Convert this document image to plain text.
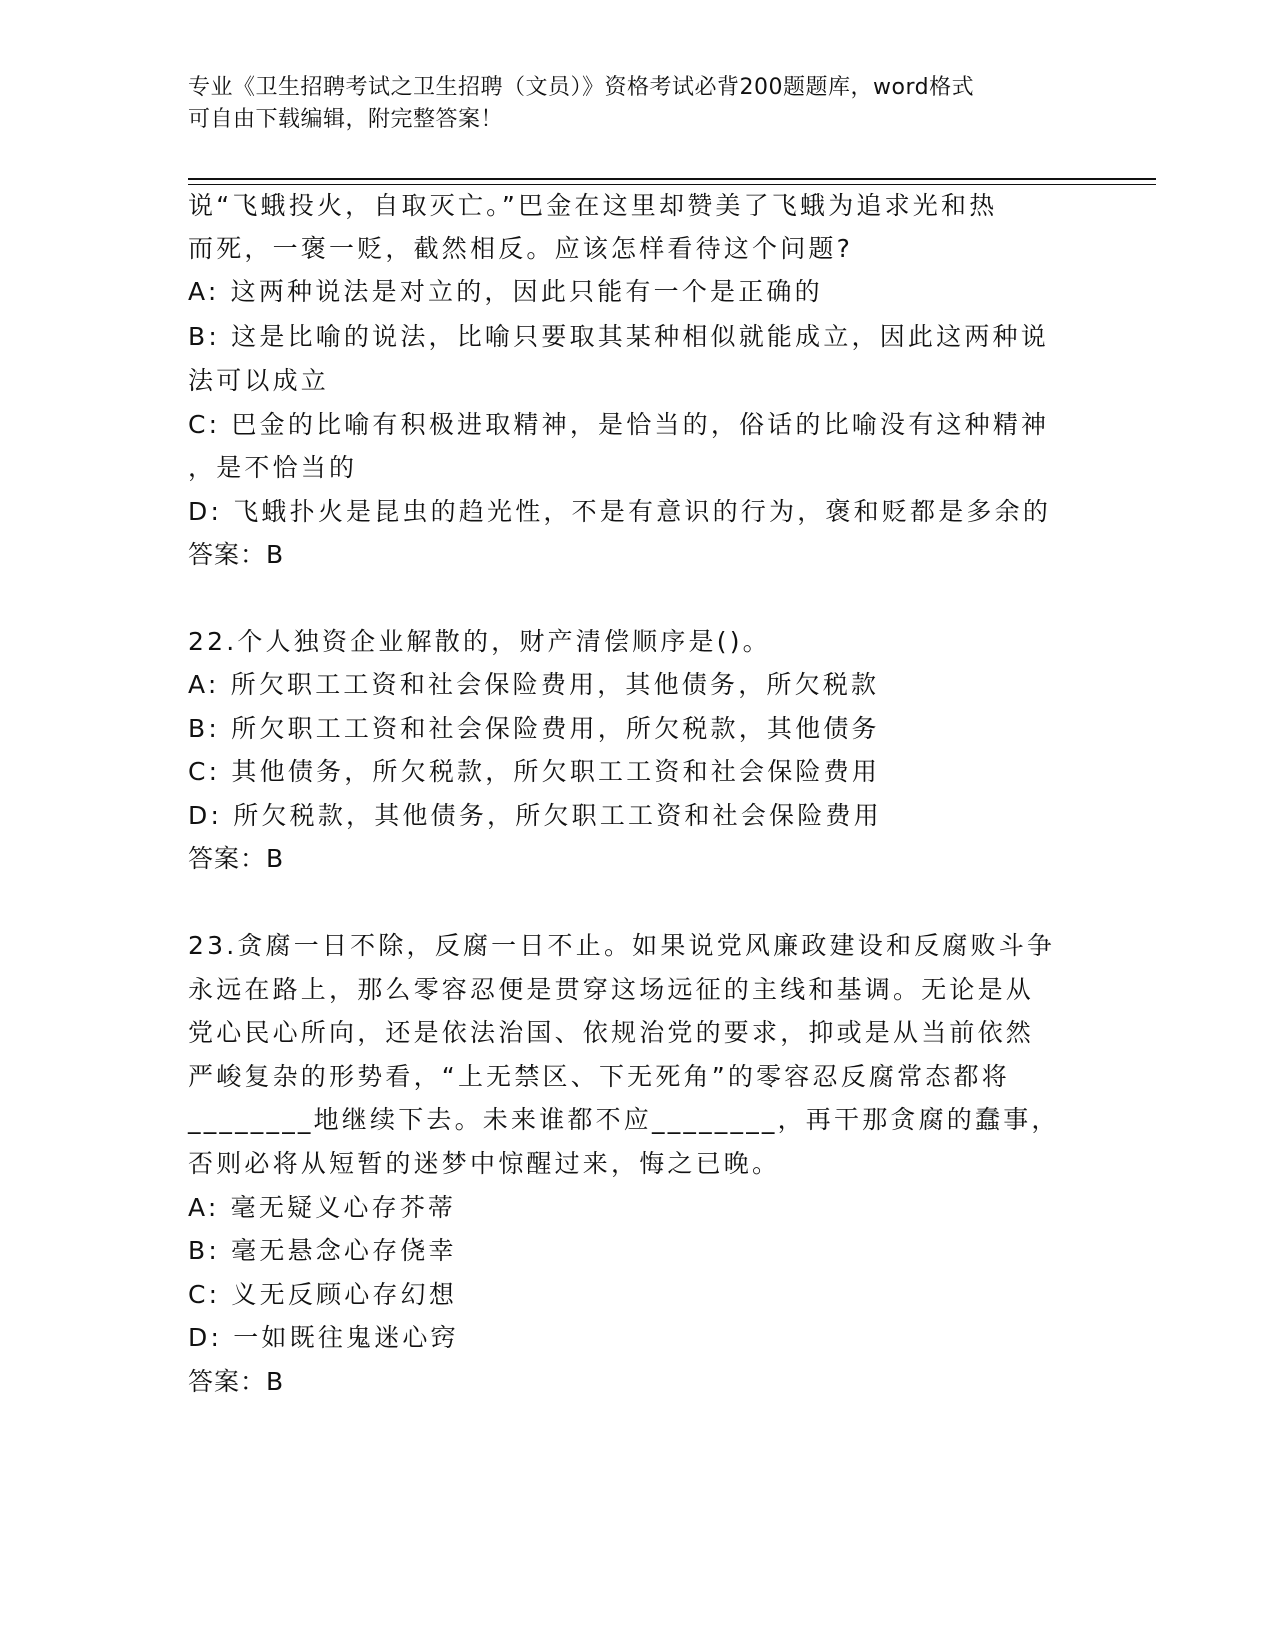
专业《卫生招聘考试之卫生招聘（文员）》资格考试必背200题题库，word格式
可自由下载编辑，附完整答案！
说“飞蛾投火，自取灭亡。”巴金在这里却赞美了飞蛾为追求光和热
而死，一褒一贬，截然相反。应该怎样看待这个问题?
A: 这两种说法是对立的，因此只能有一个是正确的
B: 这是比喻的说法，比喻只要取其某种相似就能成立，因此这两种说
法可以成立
C: 巴金的比喻有积极进取精神，是恰当的，俗话的比喻没有这种精神
，是不恰当的
D: 飞蛾扑火是昆虫的趋光性，不是有意识的行为，褒和贬都是多余的
答案：B
22.个人独资企业解散的，财产清偿顺序是()。
A: 所欠职工工资和社会保险费用，其他债务，所欠税款
B: 所欠职工工资和社会保险费用，所欠税款，其他债务
C: 其他债务，所欠税款，所欠职工工资和社会保险费用
D: 所欠税款，其他债务，所欠职工工资和社会保险费用
答案：B
23.贪腐一日不除，反腐一日不止。如果说党风廉政建设和反腐败斗争
永远在路上，那么零容忍便是贯穿这场远征的主线和基调。无论是从
党心民心所向，还是依法治国、依规治党的要求，抑或是从当前依然
严峻复杂的形势看，“上无禁区、下无死角”的零容忍反腐常态都将
________地继续下去。未来谁都不应________，再干那贪腐的蠢事，
否则必将从短暂的迷梦中惊醒过来，悔之已晚。
A: 毫无疑义心存芥蒂
B: 毫无悬念心存侥幸
C: 义无反顾心存幻想
D: 一如既往鬼迷心窍
答案：B
